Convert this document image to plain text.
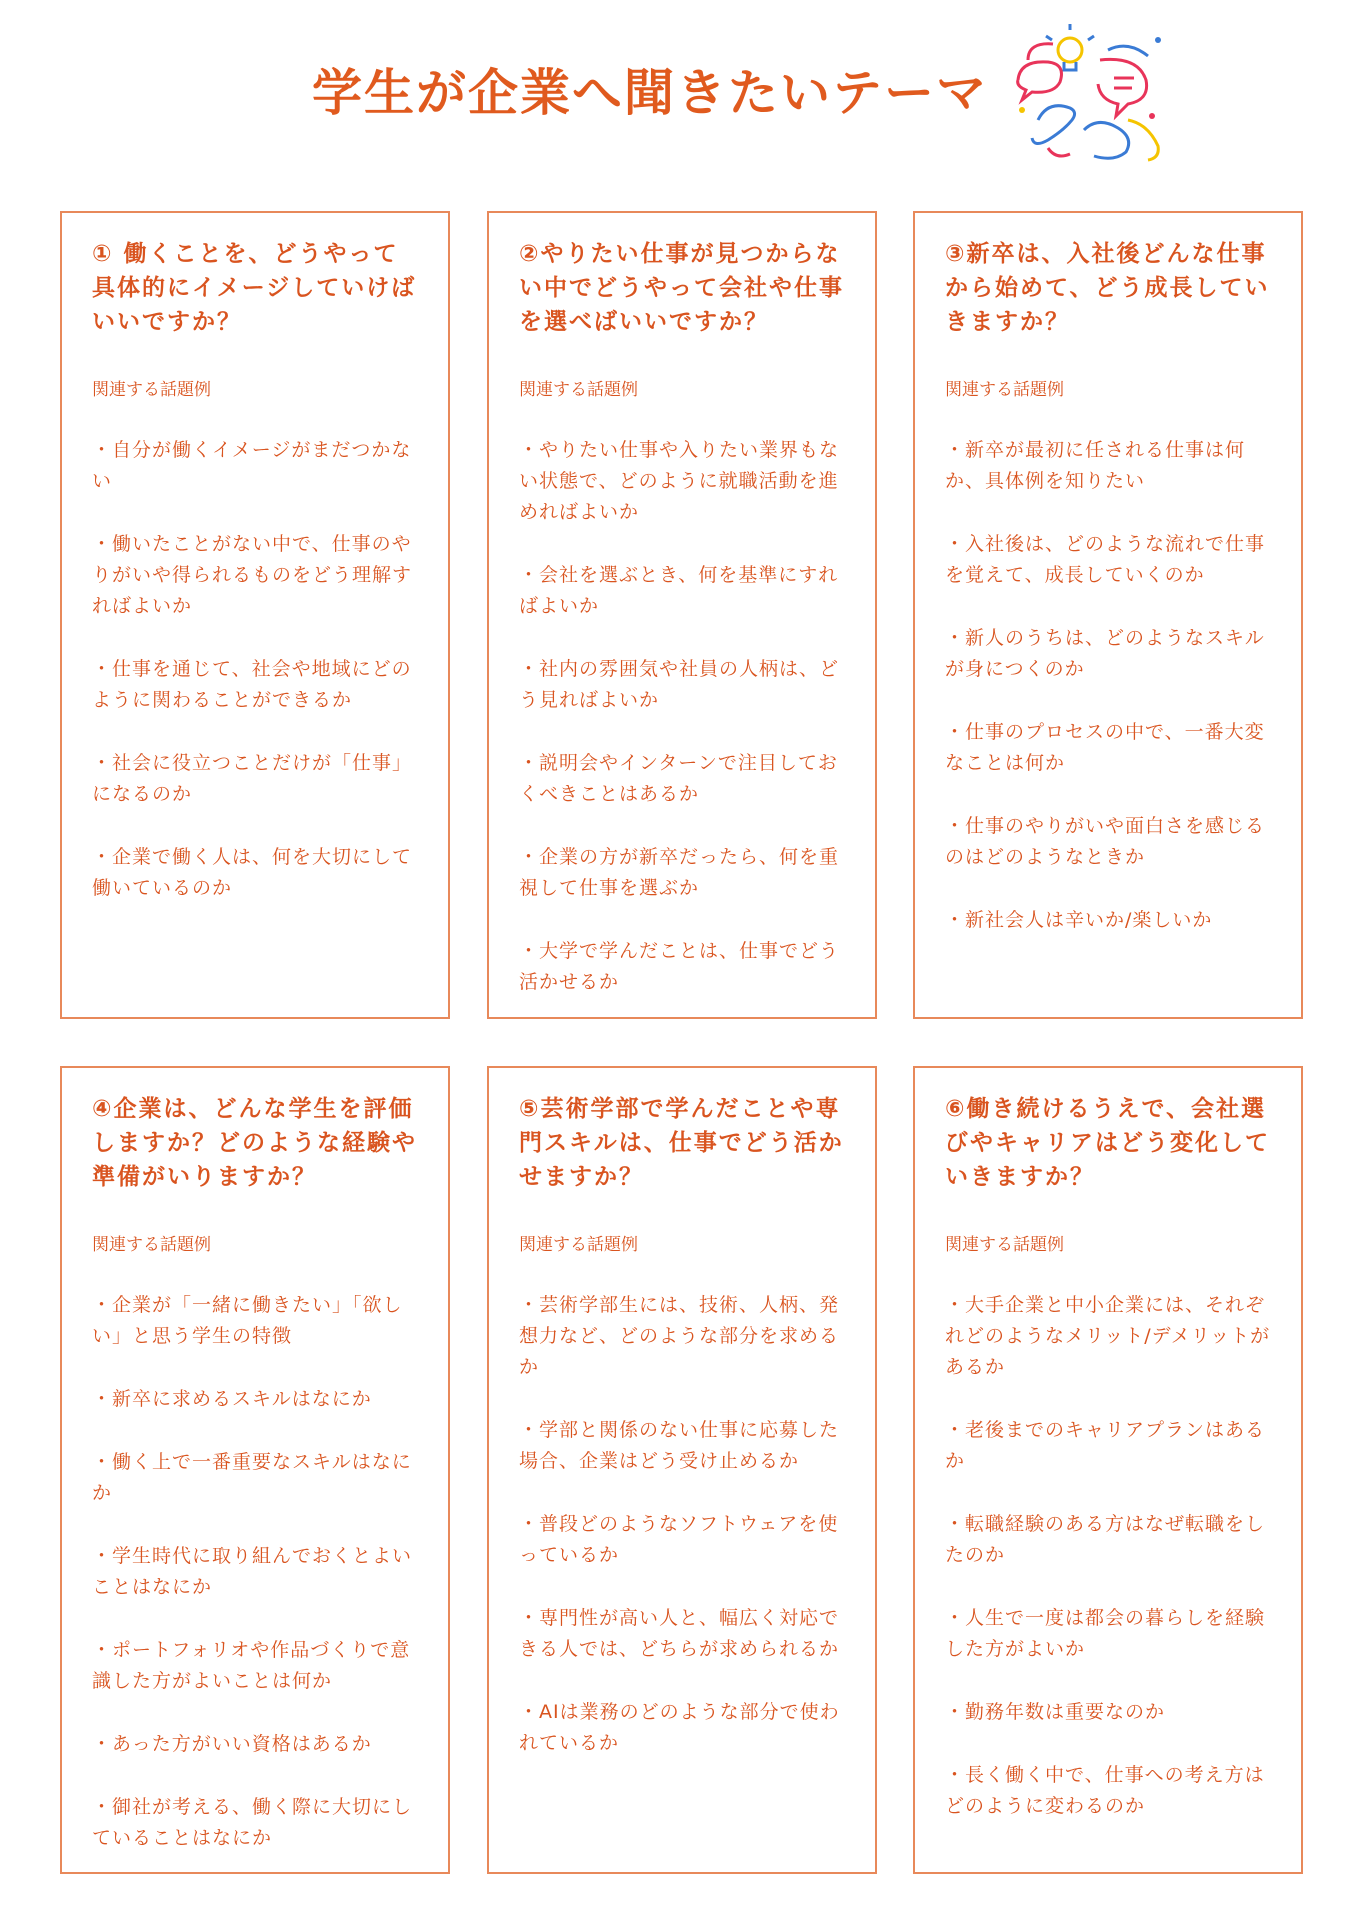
学生が企業へ聞きたいテーマ
① 働くことを、どうやって具体的にイメージしていけばいいですか？
関連する話題例
・自分が働くイメージがまだつかない
・働いたことがない中で、仕事のやりがいや得られるものをどう理解すればよいか
・仕事を通じて、社会や地域にどのように関わることができるか
・社会に役立つことだけが「仕事」になるのか
・企業で働く人は、何を大切にして働いているのか
②やりたい仕事が見つからない中でどうやって会社や仕事を選べばいいですか？
関連する話題例
・やりたい仕事や入りたい業界もない状態で、どのように就職活動を進めればよいか
・会社を選ぶとき、何を基準にすればよいか
・社内の雰囲気や社員の人柄は、どう見ればよいか
・説明会やインターンで注目しておくべきことはあるか
・企業の方が新卒だったら、何を重視して仕事を選ぶか
・大学で学んだことは、仕事でどう活かせるか
③新卒は、入社後どんな仕事から始めて、どう成長していきますか？
関連する話題例
・新卒が最初に任される仕事は何か、具体例を知りたい
・入社後は、どのような流れで仕事を覚えて、成長していくのか
・新人のうちは、どのようなスキルが身につくのか
・仕事のプロセスの中で、一番大変なことは何か
・仕事のやりがいや面白さを感じるのはどのようなときか
・新社会人は辛いか/楽しいか
④企業は、どんな学生を評価しますか？どのような経験や準備がいりますか？
関連する話題例
・企業が「一緒に働きたい」「欲しい」と思う学生の特徴
・新卒に求めるスキルはなにか
・働く上で一番重要なスキルはなにか
・学生時代に取り組んでおくとよいことはなにか
・ポートフォリオや作品づくりで意識した方がよいことは何か
・あった方がいい資格はあるか
・御社が考える、働く際に大切にしていることはなにか
⑤芸術学部で学んだことや専門スキルは、仕事でどう活かせますか？
関連する話題例
・芸術学部生には、技術、人柄、発想力など、どのような部分を求めるか
・学部と関係のない仕事に応募した場合、企業はどう受け止めるか
・普段どのようなソフトウェアを使っているか
・専門性が高い人と、幅広く対応できる人では、どちらが求められるか
・AIは業務のどのような部分で使われているか
⑥働き続けるうえで、会社選びやキャリアはどう変化していきますか？
関連する話題例
・大手企業と中小企業には、それぞれどのようなメリット/デメリットがあるか
・老後までのキャリアプランはあるか
・転職経験のある方はなぜ転職をしたのか
・人生で一度は都会の暮らしを経験した方がよいか
・勤務年数は重要なのか
・長く働く中で、仕事への考え方はどのように変わるのか
